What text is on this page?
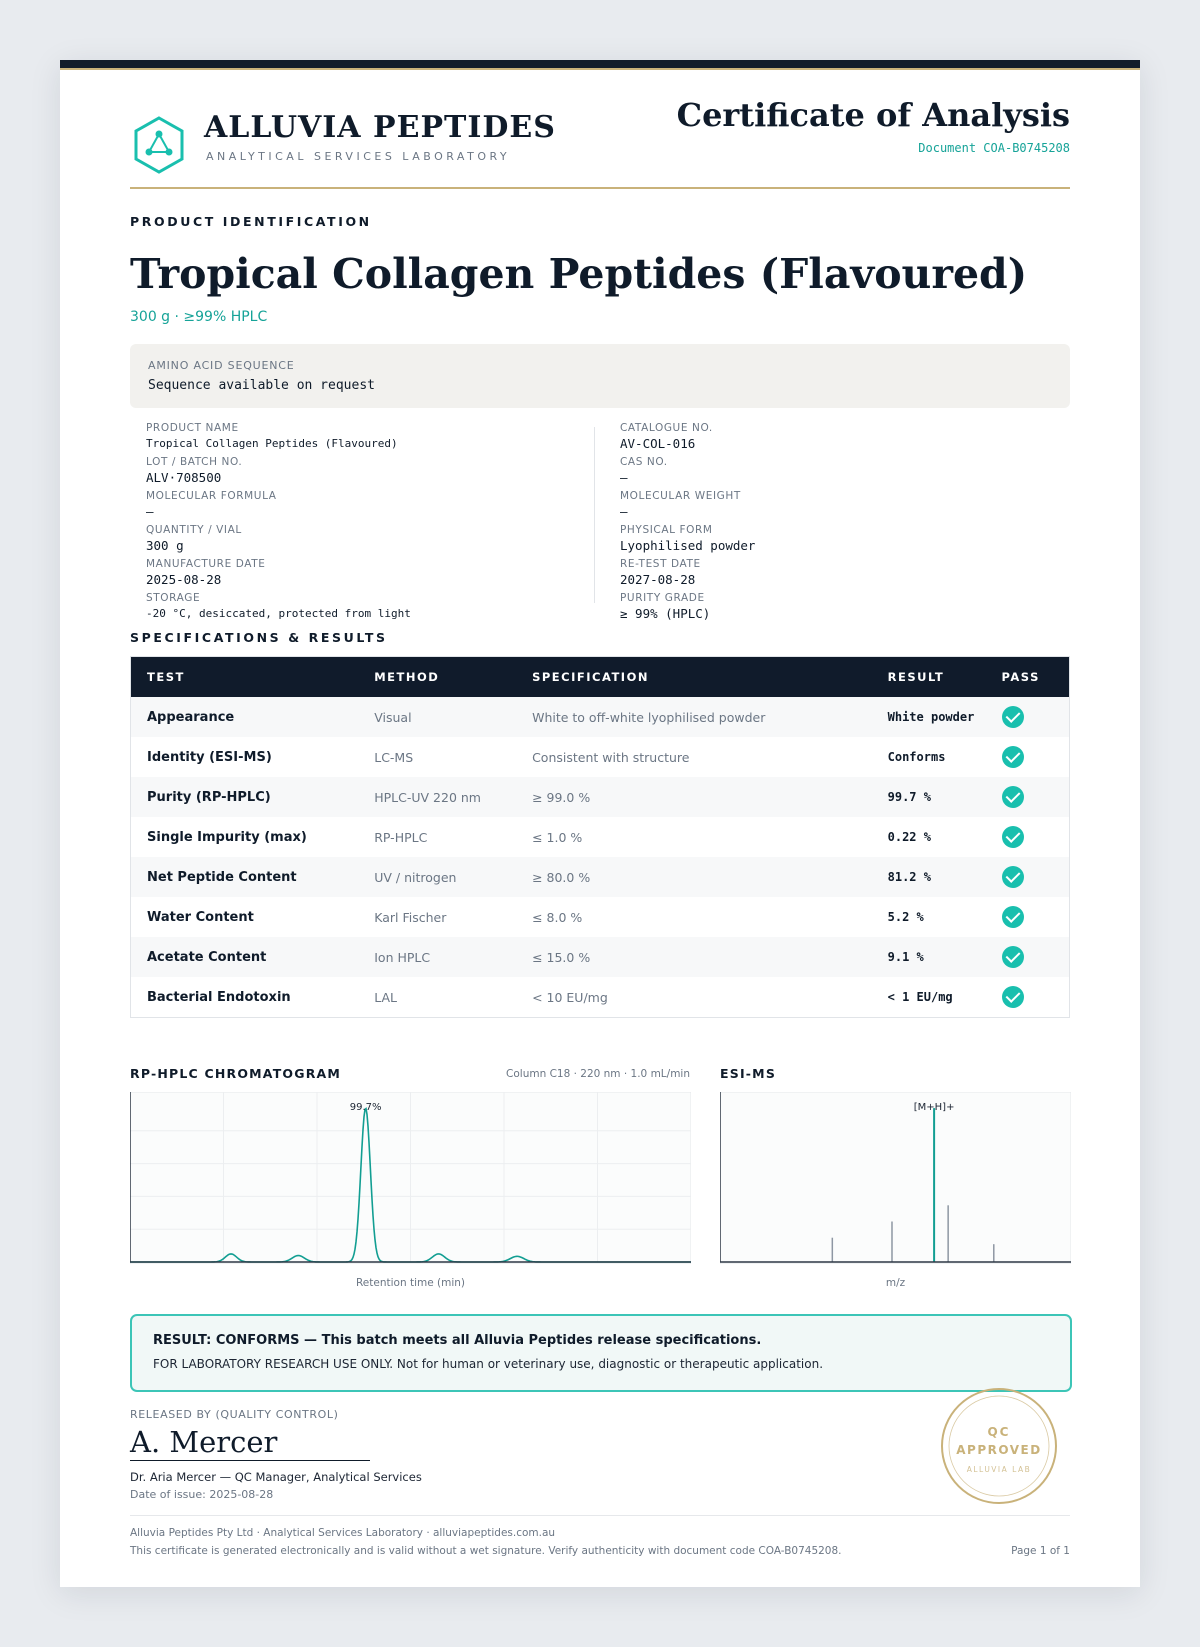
ALLUVIA PEPTIDES
ANALYTICAL SERVICES LABORATORY
Certificate of Analysis
Document COA-B0745208
PRODUCT IDENTIFICATION
Tropical Collagen Peptides (Flavoured)
300 g · ≥99% HPLC
AMINO ACID SEQUENCE
Sequence available on request
PRODUCT NAME
Tropical Collagen Peptides (Flavoured)
LOT / BATCH NO.
ALV·708500
MOLECULAR FORMULA
—
QUANTITY / VIAL
300 g
MANUFACTURE DATE
2025-08-28
STORAGE
-20 °C, desiccated, protected from light
CATALOGUE NO.
AV-COL-016
CAS NO.
—
MOLECULAR WEIGHT
—
PHYSICAL FORM
Lyophilised powder
RE-TEST DATE
2027-08-28
PURITY GRADE
≥ 99% (HPLC)
SPECIFICATIONS & RESULTS
TEST	METHOD	SPECIFICATION	RESULT	PASS
Appearance	Visual	White to off-white lyophilised powder	White powder	
Identity (ESI-MS)	LC-MS	Consistent with structure	Conforms	
Purity (RP-HPLC)	HPLC-UV 220 nm	≥ 99.0 %	99.7 %	
Single Impurity (max)	RP-HPLC	≤ 1.0 %	0.22 %	
Net Peptide Content	UV / nitrogen	≥ 80.0 %	81.2 %	
Water Content	Karl Fischer	≤ 8.0 %	5.2 %	
Acetate Content	Ion HPLC	≤ 15.0 %	9.1 %	
Bacterial Endotoxin	LAL	< 10 EU/mg	< 1 EU/mg	
RP-HPLC CHROMATOGRAM	Column C18 · 220 nm · 1.0 mL/min
99.7%
Retention time (min)
ESI-MS
[M+H]+
m/z
RESULT: CONFORMS — This batch meets all Alluvia Peptides release specifications.
FOR LABORATORY RESEARCH USE ONLY. Not for human or veterinary use, diagnostic or therapeutic application.
RELEASED BY (QUALITY CONTROL)
A. Mercer
Dr. Aria Mercer — QC Manager, Analytical Services
Date of issue: 2025-08-28
QC
APPROVED
ALLUVIA LAB
Alluvia Peptides Pty Ltd · Analytical Services Laboratory · alluviapeptides.com.au
This certificate is generated electronically and is valid without a wet signature. Verify authenticity with document code COA-B0745208.	Page 1 of 1
